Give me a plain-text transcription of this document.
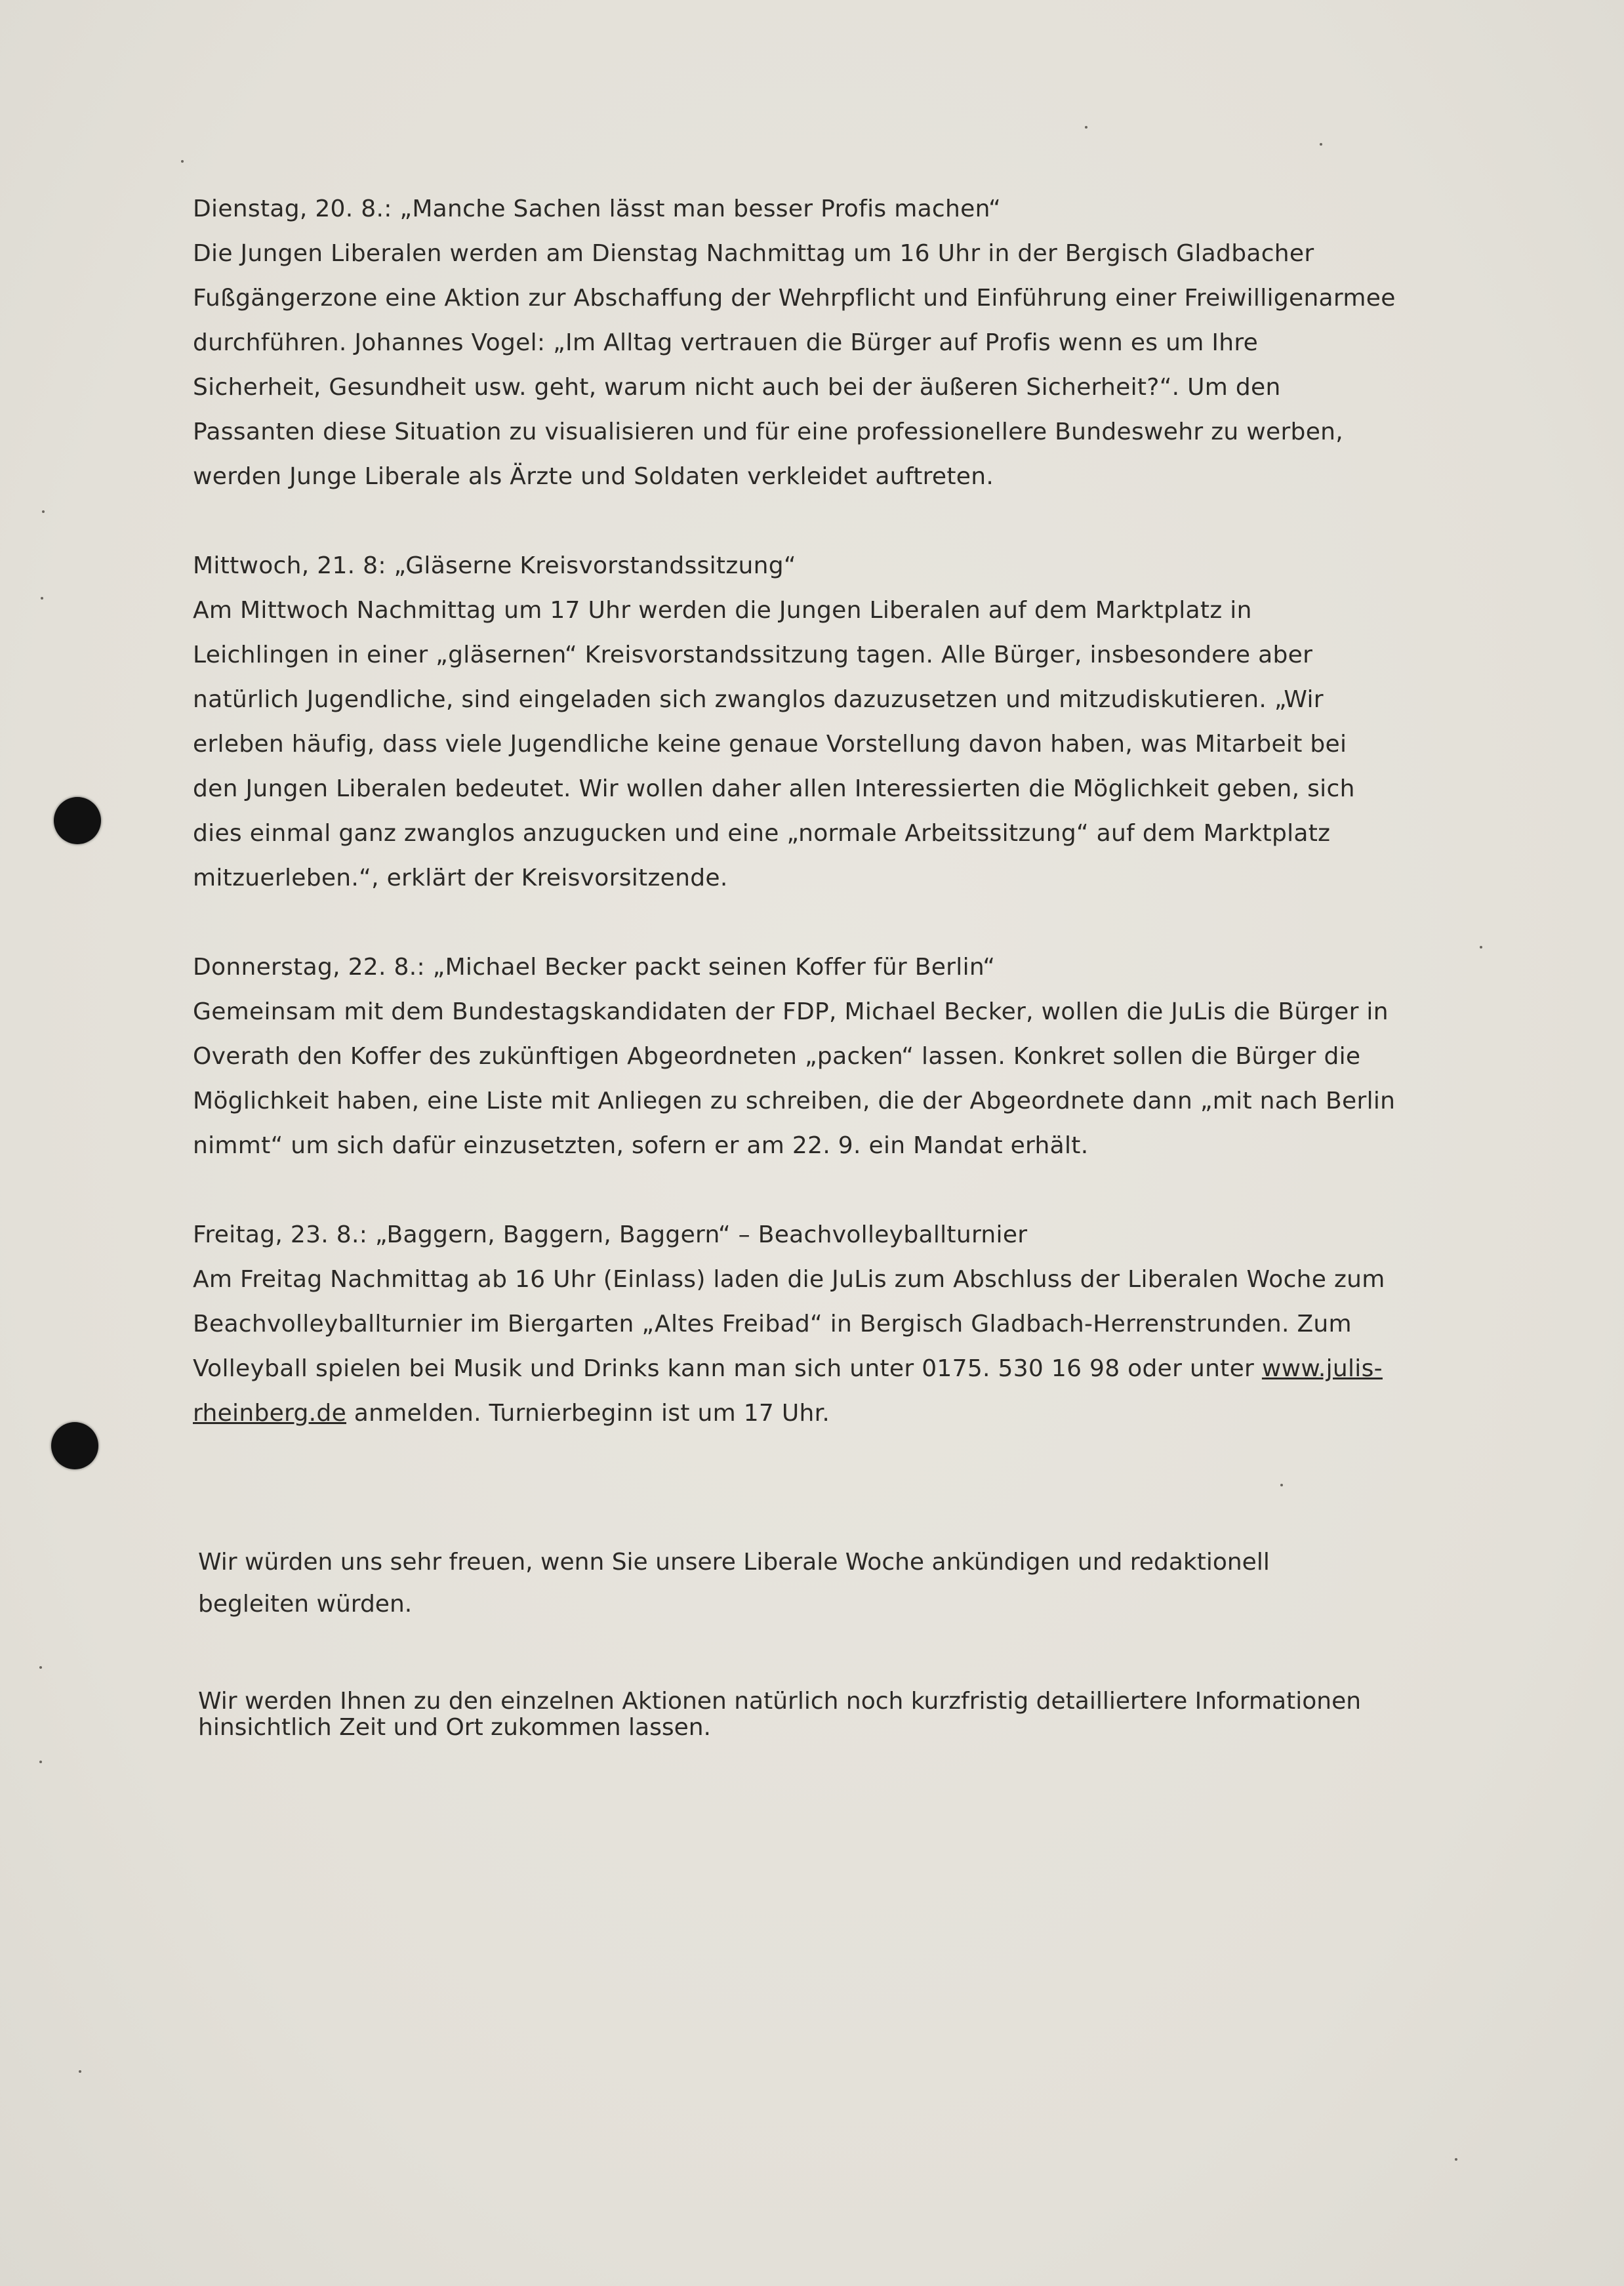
Dienstag, 20. 8.: „Manche Sachen lässt man besser Profis machen“

Die Jungen Liberalen werden am Dienstag Nachmittag um 16 Uhr in der Bergisch Gladbacher
Fußgängerzone eine Aktion zur Abschaffung der Wehrpflicht und Einführung einer Freiwilligenarmee
durchführen. Johannes Vogel: „Im Alltag vertrauen die Bürger auf Profis wenn es um Ihre
Sicherheit, Gesundheit usw. geht, warum nicht auch bei der äußeren Sicherheit?“. Um den
Passanten diese Situation zu visualisieren und für eine professionellere Bundeswehr zu werben,
werden Junge Liberale als Ärzte und Soldaten verkleidet auftreten.

Mittwoch, 21. 8: „Gläserne Kreisvorstandssitzung“

Am Mittwoch Nachmittag um 17 Uhr werden die Jungen Liberalen auf dem Marktplatz in
Leichlingen in einer „gläsernen“ Kreisvorstandssitzung tagen. Alle Bürger, insbesondere aber
natürlich Jugendliche, sind eingeladen sich zwanglos dazuzusetzen und mitzudiskutieren. „Wir
erleben häufig, dass viele Jugendliche keine genaue Vorstellung davon haben, was Mitarbeit bei
den Jungen Liberalen bedeutet. Wir wollen daher allen Interessierten die Möglichkeit geben, sich
dies einmal ganz zwanglos anzugucken und eine „normale Arbeitssitzung“ auf dem Marktplatz
mitzuerleben.“, erklärt der Kreisvorsitzende.

Donnerstag, 22. 8.: „Michael Becker packt seinen Koffer für Berlin“

Gemeinsam mit dem Bundestagskandidaten der FDP, Michael Becker, wollen die JuLis die Bürger in
Overath den Koffer des zukünftigen Abgeordneten „packen“ lassen. Konkret sollen die Bürger die
Möglichkeit haben, eine Liste mit Anliegen zu schreiben, die der Abgeordnete dann „mit nach Berlin
nimmt“ um sich dafür einzusetzten, sofern er am 22. 9. ein Mandat erhält.

Freitag, 23. 8.: „Baggern, Baggern, Baggern“ – Beachvolleyballturnier

Am Freitag Nachmittag ab 16 Uhr (Einlass) laden die JuLis zum Abschluss der Liberalen Woche zum
Beachvolleyballturnier im Biergarten „Altes Freibad“ in Bergisch Gladbach-Herrenstrunden. Zum
Volleyball spielen bei Musik und Drinks kann man sich unter 0175. 530 16 98 oder unter www.julis-
rheinberg.de anmelden. Turnierbeginn ist um 17 Uhr.
Wir würden uns sehr freuen, wenn Sie unsere Liberale Woche ankündigen und redaktionell
begleiten würden.
Wir werden Ihnen zu den einzelnen Aktionen natürlich noch kurzfristig detailliertere Informationen
hinsichtlich Zeit und Ort zukommen lassen.
